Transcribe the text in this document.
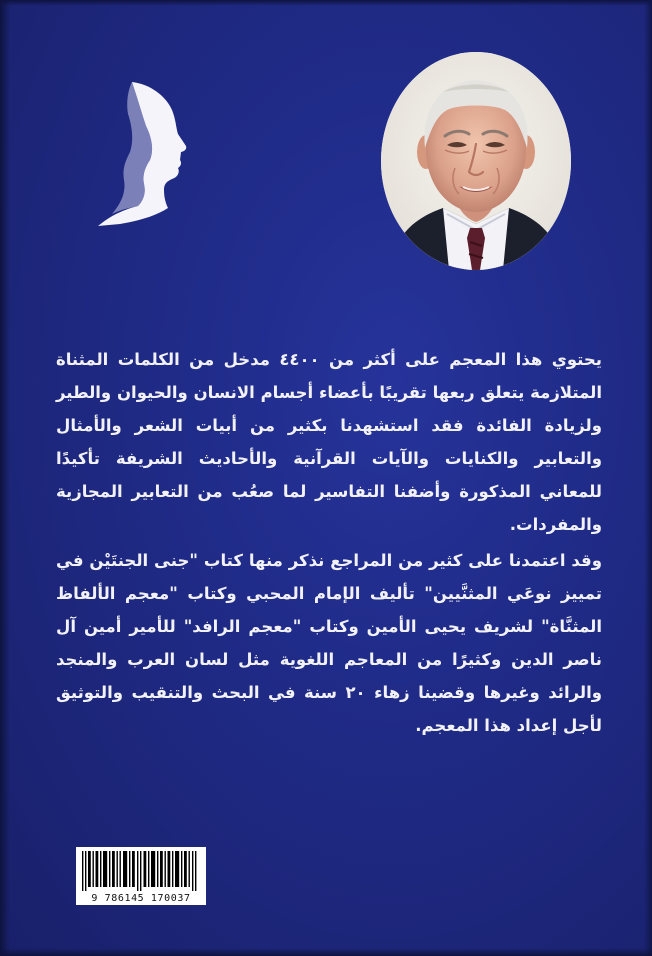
يحتوي هذا المعجم على أكثر من ٤٤٠٠ مدخل من الكلمات المثناة المتلازمة يتعلق ربعها تقريبًا بأعضاء أجسام الانسان والحيوان والطير ولزيادة الفائدة فقد استشهدنا بكثير من أبيات الشعر والأمثال والتعابير والكنايات والآيات القرآنية والأحاديث الشريفة تأكيدًا للمعاني المذكورة وأضفنا التفاسير لما صعُب من التعابير المجازية والمفردات.

وقد اعتمدنا على كثير من المراجع نذكر منها كتاب "جنى الجنتَيْن في تمييز نوعَي المثنَّيين" تأليف الإمام المحبي وكتاب "معجم الألفاظ المثنَّاة" لشريف يحيى الأمين وكتاب "معجم الرافد" للأمير أمين آل ناصر الدين وكثيرًا من المعاجم اللغوية مثل لسان العرب والمنجد والرائد وغيرها وقضينا زهاء ٢٠ سنة في البحث والتنقيب والتوثيق لأجل إعداد هذا المعجم.

9 786145 170037
